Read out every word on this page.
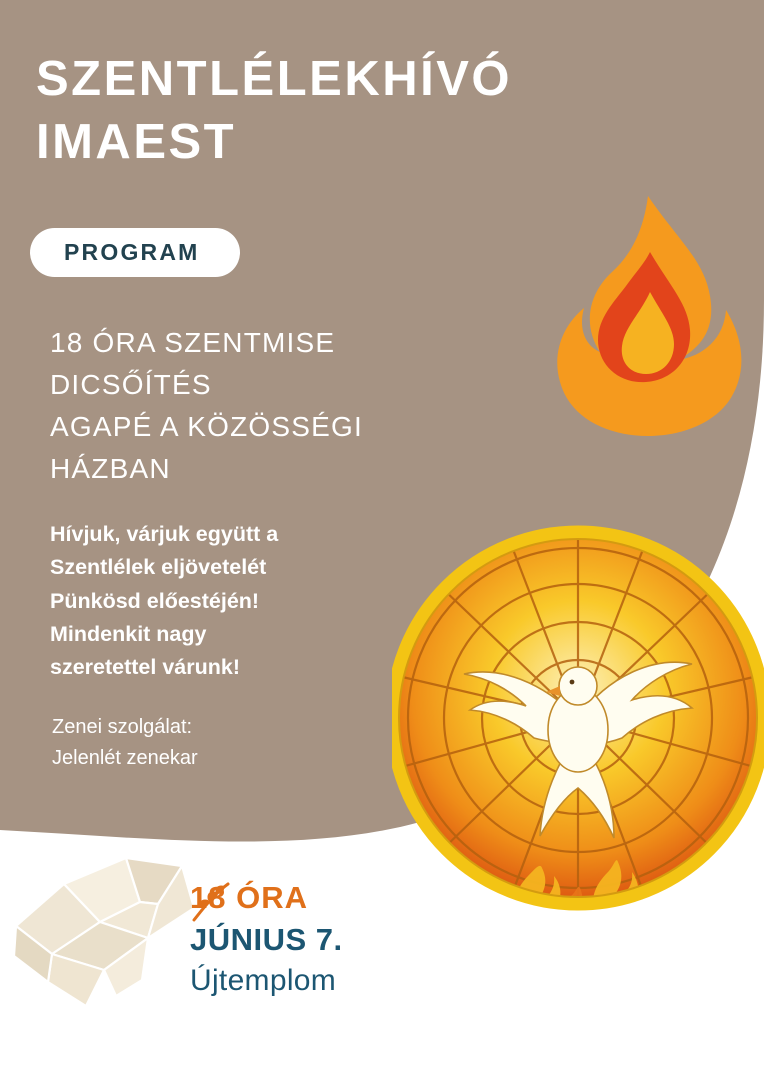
SZENTLÉLEKHÍVÓ
IMAEST
PROGRAM
18 ÓRA SZENTMISE
DICSŐÍTÉS
AGAPÉ A KÖZÖSSÉGI
HÁZBAN
Hívjuk, várjuk együtt a
Szentlélek eljövetelét
Pünkösd előestéjén!
Mindenkit nagy
szeretettel várunk!
Zenei szolgálat:
Jelenlét zenekar
18 ÓRA
JÚNIUS 7.
Újtemplom
